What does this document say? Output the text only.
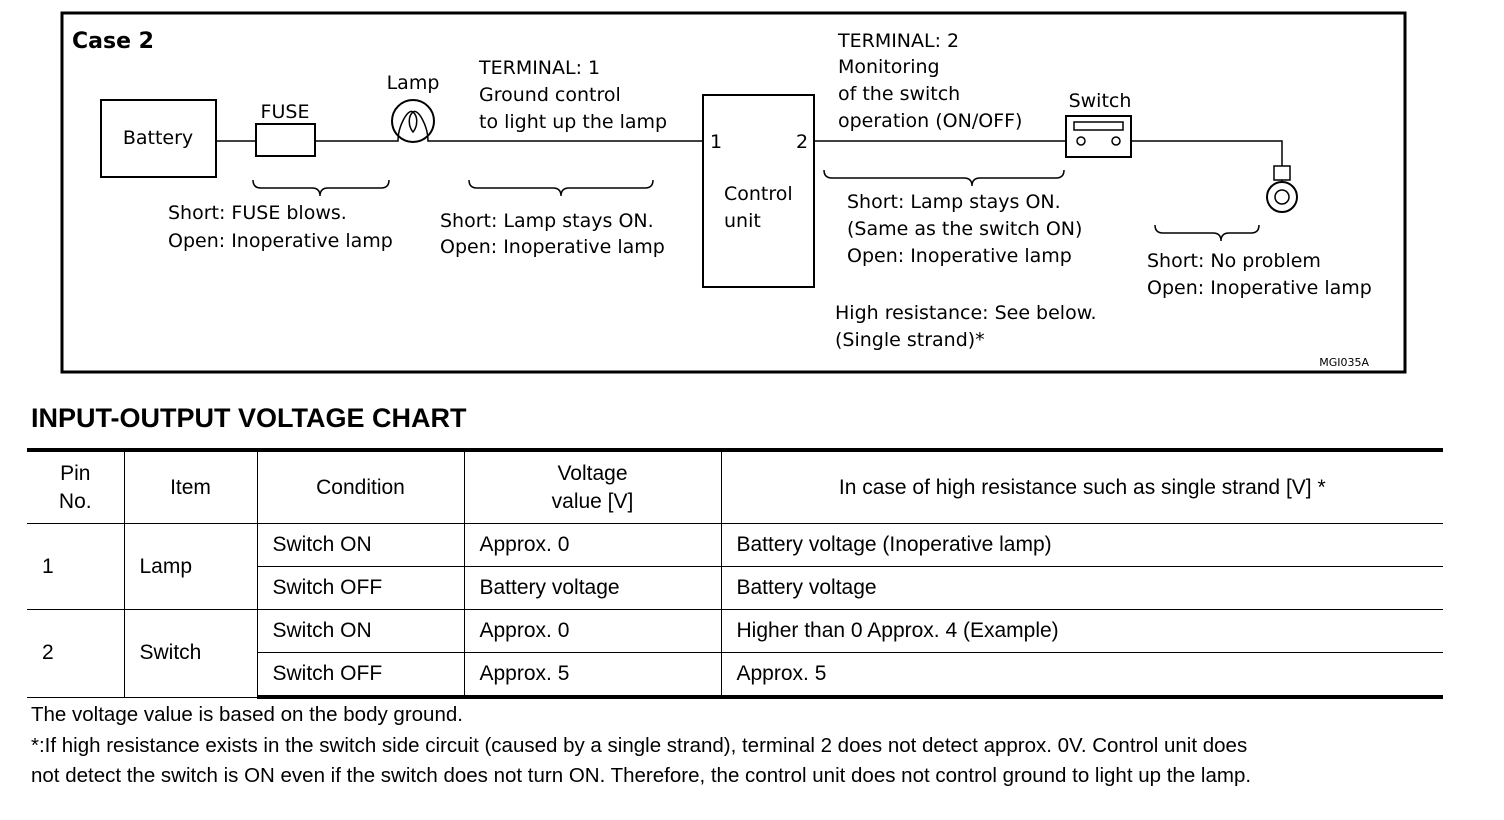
Case 2
Battery
FUSE
Lamp
TERMINAL: 1
Ground control
to light up the lamp
1	2
Control
unit
TERMINAL: 2
Monitoring
of the switch
operation (ON/OFF)
Switch
Short: FUSE blows.
Open: Inoperative lamp
Short: Lamp stays ON.
Open: Inoperative lamp
Short: Lamp stays ON.
(Same as the switch ON)
Open: Inoperative lamp
High resistance: See below.
(Single strand)*
Short: No problem
Open: Inoperative lamp
MGI035A
INPUT-OUTPUT VOLTAGE CHART
Pin
No.	Item	Condition	Voltage
value [V]	In case of high resistance such as single strand [V] *
1	Lamp	Switch ON	Approx. 0	Battery voltage (Inoperative lamp)
		Switch OFF	Battery voltage	Battery voltage
2	Switch	Switch ON	Approx. 0	Higher than 0 Approx. 4 (Example)
		Switch OFF	Approx. 5	Approx. 5
The voltage value is based on the body ground.
*:If high resistance exists in the switch side circuit (caused by a single strand), terminal 2 does not detect approx. 0V. Control unit does
not detect the switch is ON even if the switch does not turn ON. Therefore, the control unit does not control ground to light up the lamp.
